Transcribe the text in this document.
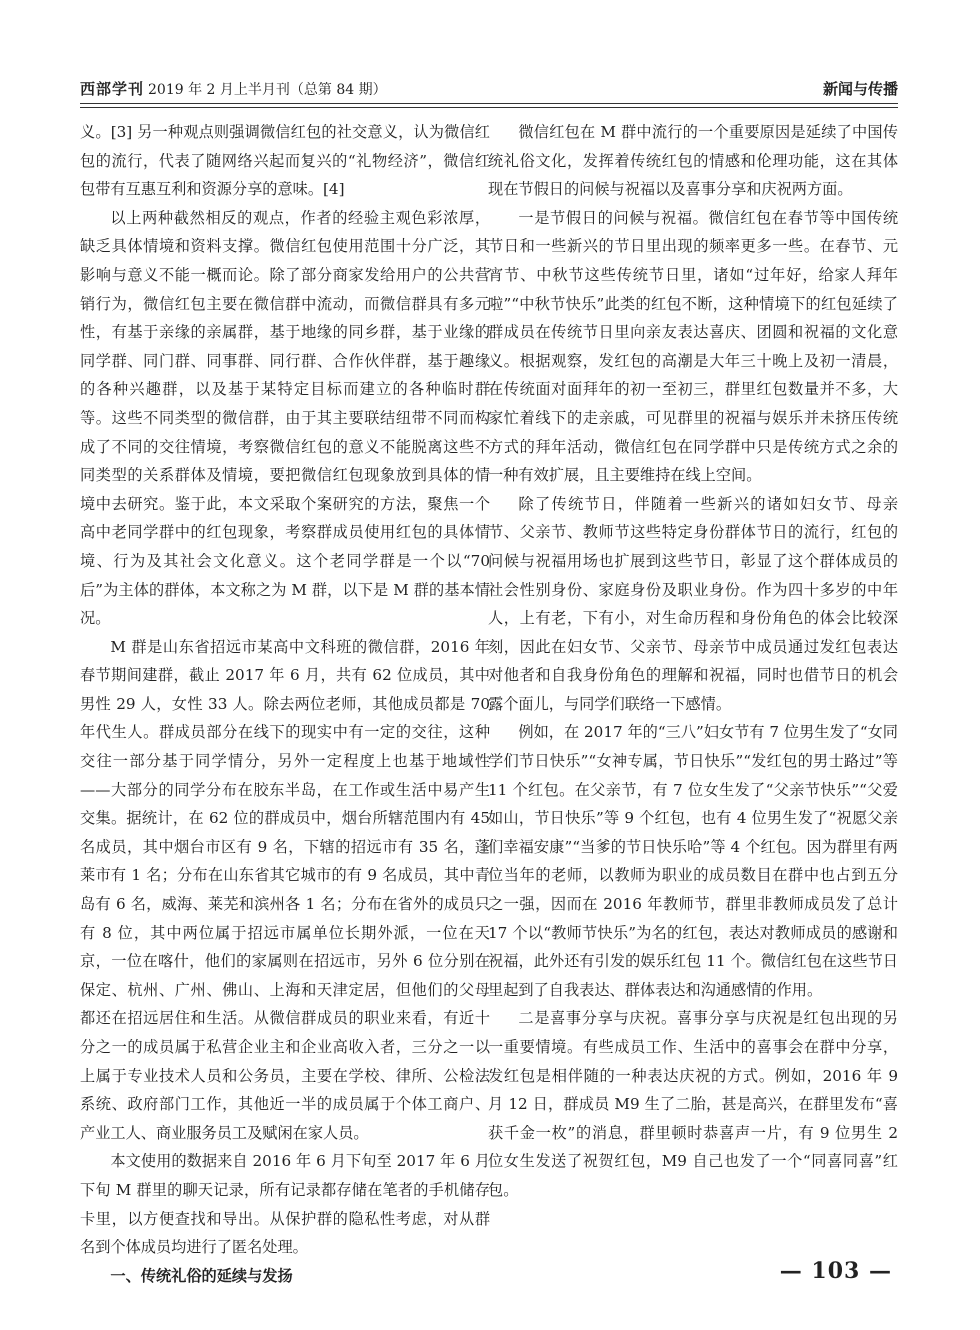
西部学刊 2019 年 2 月上半月刊（总第 84 期）	新闻与传播

义。[3] 另一种观点则强调微信红包的社交意义，认为微信红包的流行，代表了随网络兴起而复兴的“礼物经济”，微信红包带有互惠互利和资源分享的意味。[4]

以上两种截然相反的观点，作者的经验主观色彩浓厚，缺乏具体情境和资料支撑。微信红包使用范围十分广泛，其影响与意义不能一概而论。除了部分商家发给用户的公共营销行为，微信红包主要在微信群中流动，而微信群具有多元性，有基于亲缘的亲属群，基于地缘的同乡群，基于业缘的同学群、同门群、同事群、同行群、合作伙伴群，基于趣缘的各种兴趣群，以及基于某特定目标而建立的各种临时群等。这些不同类型的微信群，由于其主要联结纽带不同而构成了不同的交往情境，考察微信红包的意义不能脱离这些不同类型的关系群体及情境，要把微信红包现象放到具体的情境中去研究。鉴于此，本文采取个案研究的方法，聚焦一个高中老同学群中的红包现象，考察群成员使用红包的具体情境、行为及其社会文化意义。这个老同学群是一个以“70 后”为主体的群体，本文称之为 M 群，以下是 M 群的基本情况。

M 群是山东省招远市某高中文科班的微信群，2016 年春节期间建群，截止 2017 年 6 月，共有 62 位成员，其中男性 29 人，女性 33 人。除去两位老师，其他成员都是 70 年代生人。群成员部分在线下的现实中有一定的交往，这种交往一部分基于同学情分，另外一定程度上也基于地域性——大部分的同学分布在胶东半岛，在工作或生活中易产生交集。据统计，在 62 位的群成员中，烟台所辖范围内有 45 名成员，其中烟台市区有 9 名，下辖的招远市有 35 名，蓬莱市有 1 名；分布在山东省其它城市的有 9 名成员，其中青岛有 6 名，威海、莱芜和滨州各 1 名；分布在省外的成员只有 8 位，其中两位属于招远市属单位长期外派，一位在天京，一位在喀什，他们的家属则在招远市，另外 6 位分别在保定、杭州、广州、佛山、上海和天津定居，但他们的父母都还在招远居住和生活。从微信群成员的职业来看，有近十分之一的成员属于私营企业主和企业高收入者，三分之一以上属于专业技术人员和公务员，主要在学校、律所、公检法系统、政府部门工作，其他近一半的成员属于个体工商户、产业工人、商业服务员工及赋闲在家人员。

本文使用的数据来自 2016 年 6 月下旬至 2017 年 6 月下旬 M 群里的聊天记录，所有记录都存储在笔者的手机储存卡里，以方便查找和导出。从保护群的隐私性考虑，对从群名到个体成员均进行了匿名处理。

一、传统礼俗的延续与发扬

微信红包在 M 群中流行的一个重要原因是延续了中国传统礼俗文化，发挥着传统红包的情感和伦理功能，这在其体现在节假日的问候与祝福以及喜事分享和庆祝两方面。

一是节假日的问候与祝福。微信红包在春节等中国传统节日和一些新兴的节日里出现的频率更多一些。在春节、元宵节、中秋节这些传统节日里，诸如“过年好，给家人拜年啦”“中秋节快乐”此类的红包不断，这种情境下的红包延续了群成员在传统节日里向亲友表达喜庆、团圆和祝福的文化意义。根据观察，发红包的高潮是大年三十晚上及初一清晨，在传统面对面拜年的初一至初三，群里红包数量并不多，大家忙着线下的走亲戚，可见群里的祝福与娱乐并未挤压传统方式的拜年活动，微信红包在同学群中只是传统方式之余的一种有效扩展，且主要维持在线上空间。

除了传统节日，伴随着一些新兴的诸如妇女节、母亲节、父亲节、教师节这些特定身份群体节日的流行，红包的问候与祝福用场也扩展到这些节日，彰显了这个群体成员的社会性别身份、家庭身份及职业身份。作为四十多岁的中年人，上有老，下有小，对生命历程和身份角色的体会比较深刻，因此在妇女节、父亲节、母亲节中成员通过发红包表达对他者和自我身份角色的理解和祝福，同时也借节日的机会露个面儿，与同学们联络一下感情。

例如，在 2017 年的“三八”妇女节有 7 位男生发了“女同学们节日快乐”“女神专属，节日快乐”“发红包的男士路过”等 11 个红包。在父亲节，有 7 位女生发了“父亲节快乐”“父爱如山，节日快乐”等 9 个红包，也有 4 位男生发了“祝愿父亲们幸福安康”“当爹的节日快乐哈”等 4 个红包。因为群里有两位当年的老师，以教师为职业的成员数目在群中也占到五分之一强，因而在 2016 年教师节，群里非教师成员发了总计 17 个以“教师节快乐”为名的红包，表达对教师成员的感谢和祝福，此外还有引发的娱乐红包 11 个。微信红包在这些节日里起到了自我表达、群体表达和沟通感情的作用。

二是喜事分享与庆祝。喜事分享与庆祝是红包出现的另一重要情境。有些成员工作、生活中的喜事会在群中分享，发红包是相伴随的一种表达庆祝的方式。例如，2016 年 9 月 12 日，群成员 M9 生了二胎，甚是高兴，在群里发布“喜获千金一枚”的消息，群里顿时恭喜声一片，有 9 位男生 2 位女生发送了祝贺红包，M9 自己也发了一个“同喜同喜”红包。

— 103 —
